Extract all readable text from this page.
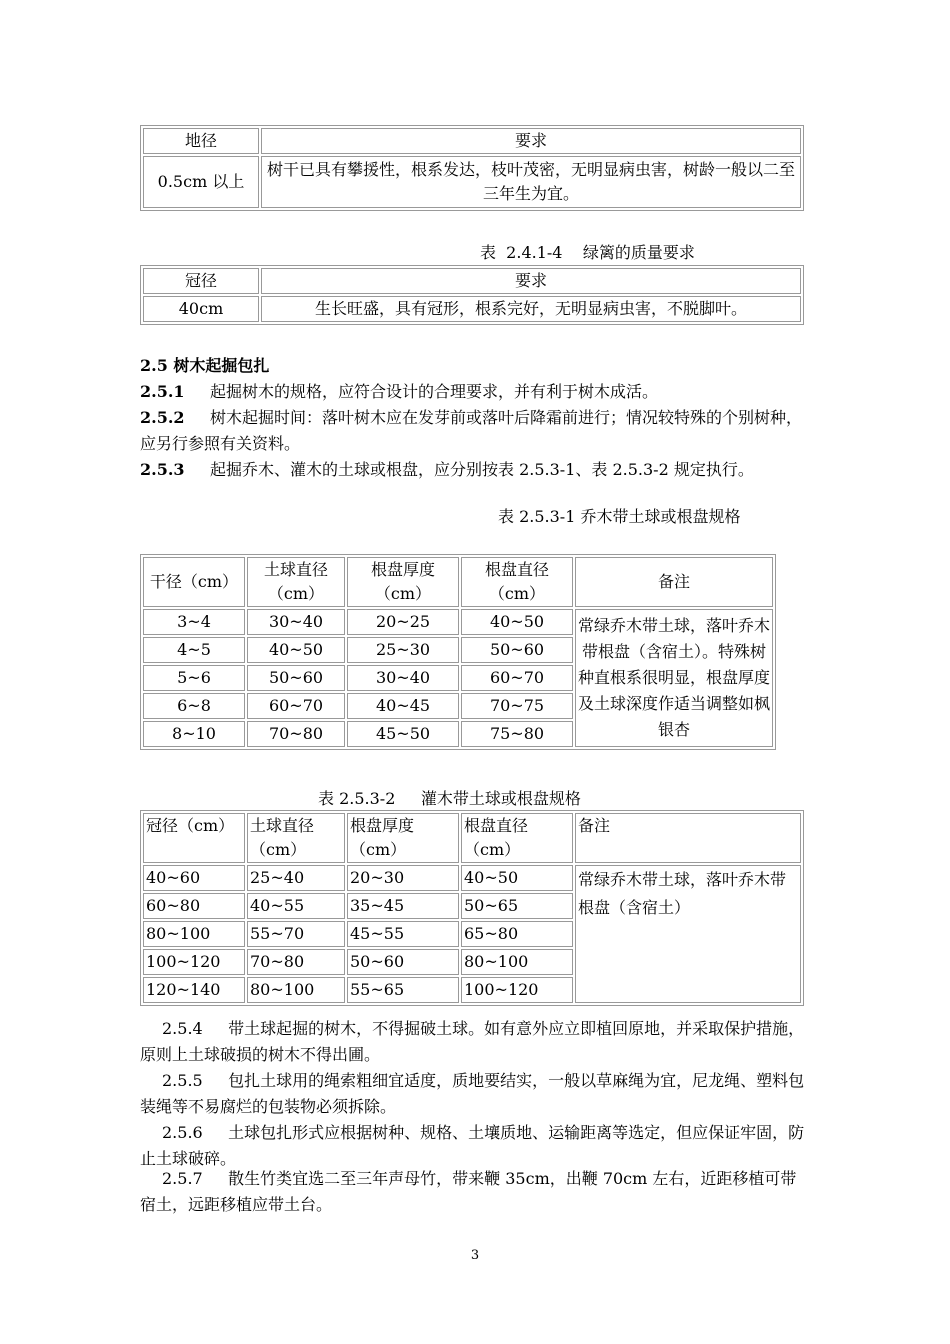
地径	要求
0.5cm 以上	树干已具有攀援性，根系发达，枝叶茂密，无明显病虫害，树龄一般以二至三年生为宜。
表  2.4.1-4    绿篱的质量要求
冠径	要求
40cm	生长旺盛，具有冠形，根系完好，无明显病虫害，不脱脚叶。
2.5 树木起掘包扎
2.5.1 起掘树木的规格，应符合设计的合理要求，并有利于树木成活。
2.5.2 树木起掘时间：落叶树木应在发芽前或落叶后降霜前进行；情况较特殊的个别树种，应另行参照有关资料。
2.5.3 起掘乔木、灌木的土球或根盘，应分别按表 2.5.3-1、表 2.5.3-2 规定执行。
表 2.5.3-1 乔木带土球或根盘规格
干径（cm）	土球直径（cm）	根盘厚度（cm）	根盘直径（cm）	备注
3~4	30~40	20~25	40~50	常绿乔木带土球，落叶乔木带根盘（含宿土）。特殊树种直根系很明显，根盘厚度及土球深度作适当调整如枫银杏
4~5	40~50	25~30	50~60	
5~6	50~60	30~40	60~70	
6~8	60~70	40~45	70~75	
8~10	70~80	45~50	75~80	
表 2.5.3-2     灌木带土球或根盘规格
冠径（cm）	土球直径（cm）	根盘厚度（cm）	根盘直径（cm）	备注
40~60	25~40	20~30	40~50	常绿乔木带土球，落叶乔木带根盘（含宿土）
60~80	40~55	35~45	50~65	
80~100	55~70	45~55	65~80	
100~120	70~80	50~60	80~100	
120~140	80~100	55~65	100~120	
2.5.4 带土球起掘的树木，不得掘破土球。如有意外应立即植回原地，并采取保护措施，原则上土球破损的树木不得出圃。
2.5.5 包扎土球用的绳索粗细宜适度，质地要结实，一般以草麻绳为宜，尼龙绳、塑料包装绳等不易腐烂的包装物必须拆除。
2.5.6 土球包扎形式应根据树种、规格、土壤质地、运输距离等选定，但应保证牢固，防止土球破碎。
2.5.7 散生竹类宜选二至三年声母竹，带来鞭 35cm，出鞭 70cm 左右，近距移植可带宿土，远距移植应带土台。
3
